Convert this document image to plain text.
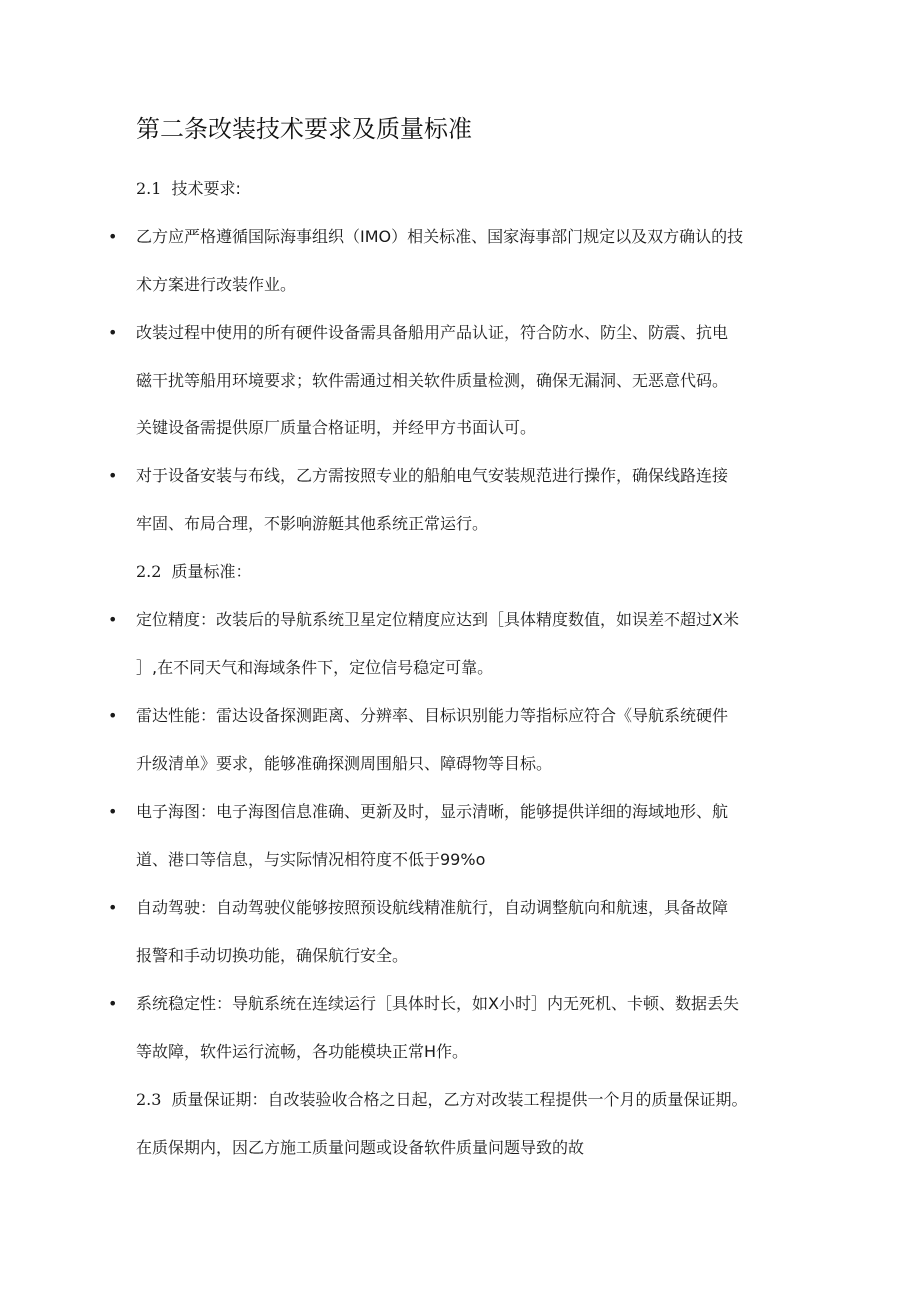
第二条改装技术要求及质量标准
2.1 技术要求:
• 乙方应严格遵循国际海事组织（IMO）相关标准、国家海事部门规定以及双方确认的技
术方案进行改装作业。
• 改装过程中使用的所有硬件设备需具备船用产品认证，符合防水、防尘、防震、抗电
磁干扰等船用环境要求；软件需通过相关软件质量检测，确保无漏洞、无恶意代码。
关键设备需提供原厂质量合格证明，并经甲方书面认可。
• 对于设备安装与布线，乙方需按照专业的船舶电气安装规范进行操作，确保线路连接
牢固、布局合理，不影响游艇其他系统正常运行。
2.2 质量标准：
• 定位精度：改装后的导航系统卫星定位精度应达到［具体精度数值，如误差不超过X米
］,在不同天气和海域条件下，定位信号稳定可靠。
• 雷达性能：雷达设备探测距离、分辨率、目标识别能力等指标应符合《导航系统硬件
升级清单》要求，能够准确探测周围船只、障碍物等目标。
• 电子海图：电子海图信息准确、更新及时，显示清晰，能够提供详细的海域地形、航
道、港口等信息，与实际情况相符度不低于99%o
• 自动驾驶：自动驾驶仪能够按照预设航线精准航行，自动调整航向和航速，具备故障
报警和手动切换功能，确保航行安全。
• 系统稳定性：导航系统在连续运行［具体时长，如X小时］内无死机、卡顿、数据丢失
等故障，软件运行流畅，各功能模块正常H作。
2.3 质量保证期：自改装验收合格之日起，乙方对改装工程提供一个月的质量保证期。
在质保期内，因乙方施工质量问题或设备软件质量问题导致的故
